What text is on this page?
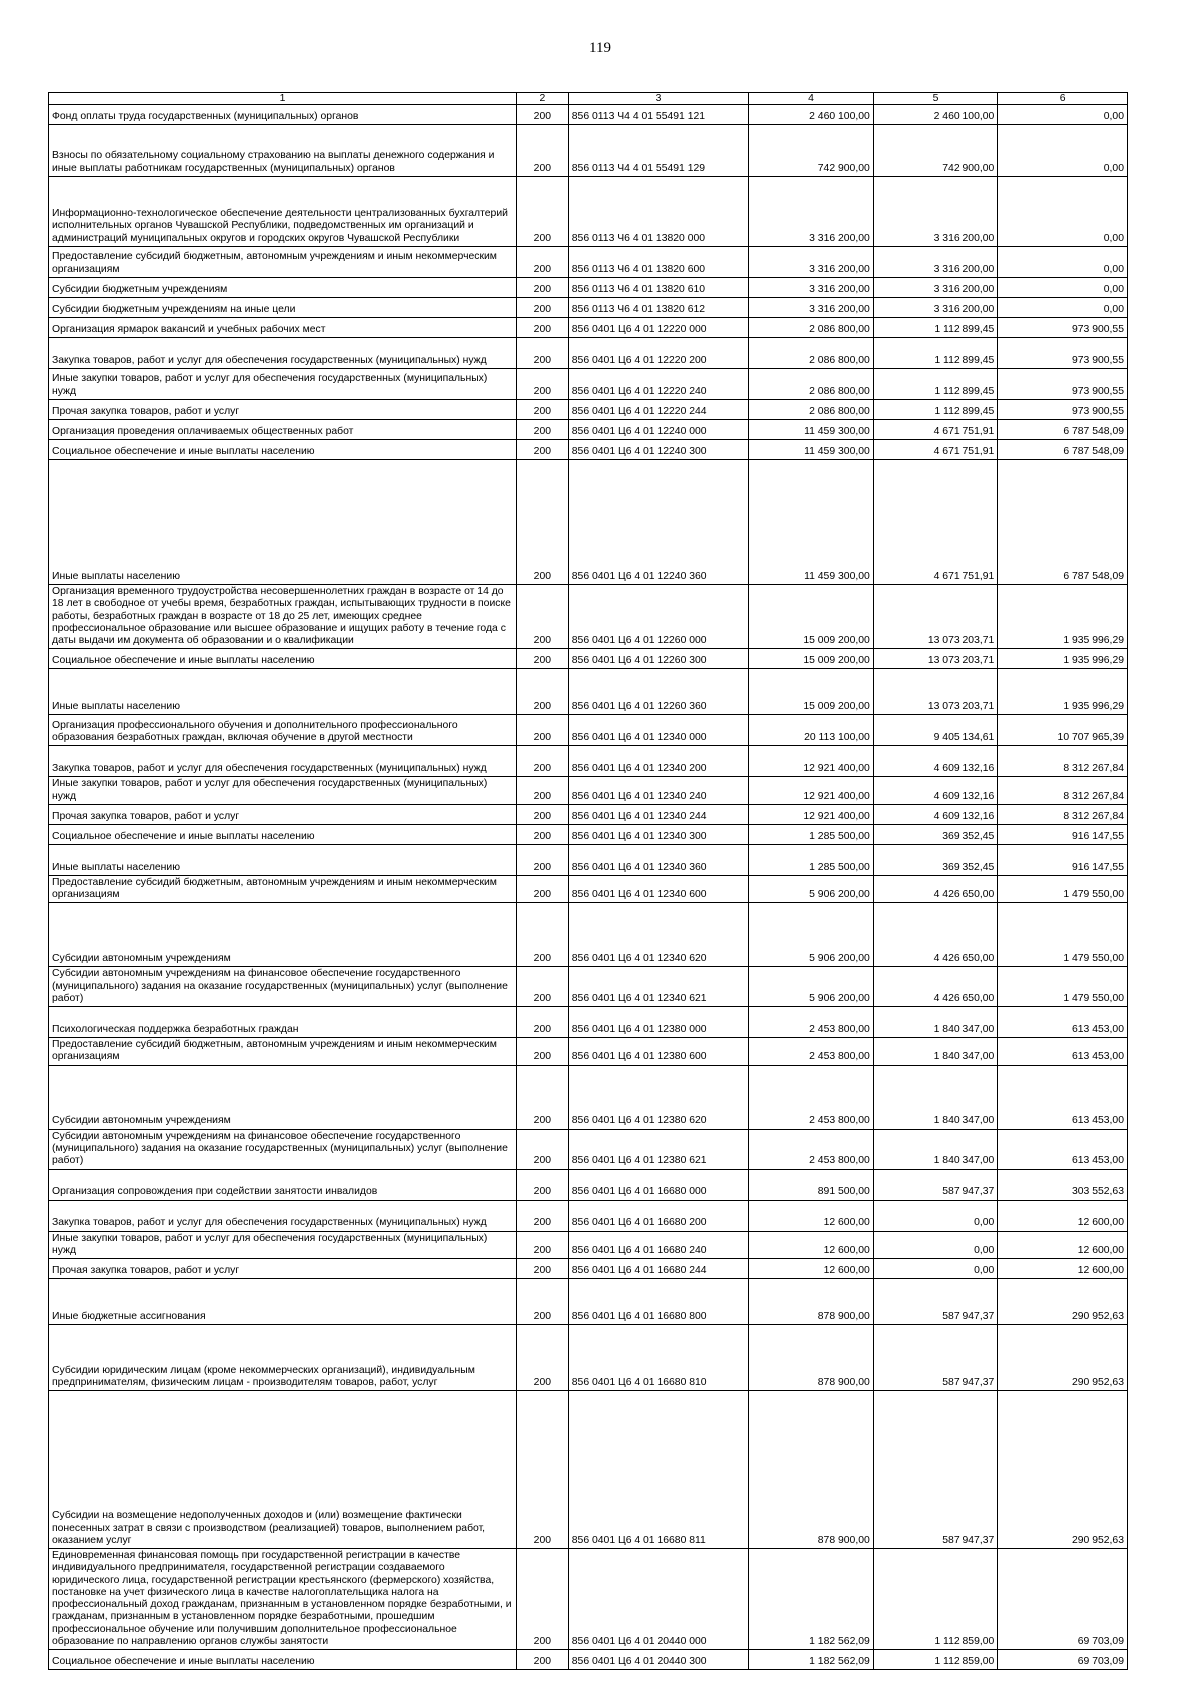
119
1	2	3	4	5	6
Фонд оплаты труда государственных (муниципальных) органов	200	856 0113 Ч4 4 01 55491 121	2 460 100,00	2 460 100,00	0,00
Взносы по обязательному социальному страхованию на выплаты денежного содержания и иные выплаты работникам государственных (муниципальных) органов	200	856 0113 Ч4 4 01 55491 129	742 900,00	742 900,00	0,00
Информационно-технологическое обеспечение деятельности централизованных бухгалтерий исполнительных органов Чувашской Республики, подведомственных им организаций и администраций муниципальных округов и городских округов Чувашской Республики	200	856 0113 Ч6 4 01 13820 000	3 316 200,00	3 316 200,00	0,00
Предоставление субсидий бюджетным, автономным учреждениям и иным некоммерческим организациям	200	856 0113 Ч6 4 01 13820 600	3 316 200,00	3 316 200,00	0,00
Субсидии бюджетным учреждениям	200	856 0113 Ч6 4 01 13820 610	3 316 200,00	3 316 200,00	0,00
Субсидии бюджетным учреждениям на иные цели	200	856 0113 Ч6 4 01 13820 612	3 316 200,00	3 316 200,00	0,00
Организация ярмарок вакансий и учебных рабочих мест	200	856 0401 Ц6 4 01 12220 000	2 086 800,00	1 112 899,45	973 900,55
Закупка товаров, работ и услуг для обеспечения государственных (муниципальных) нужд	200	856 0401 Ц6 4 01 12220 200	2 086 800,00	1 112 899,45	973 900,55
Иные закупки товаров, работ и услуг для обеспечения государственных (муниципальных) нужд	200	856 0401 Ц6 4 01 12220 240	2 086 800,00	1 112 899,45	973 900,55
Прочая закупка товаров, работ и услуг	200	856 0401 Ц6 4 01 12220 244	2 086 800,00	1 112 899,45	973 900,55
Организация проведения оплачиваемых общественных работ	200	856 0401 Ц6 4 01 12240 000	11 459 300,00	4 671 751,91	6 787 548,09
Социальное обеспечение и иные выплаты населению	200	856 0401 Ц6 4 01 12240 300	11 459 300,00	4 671 751,91	6 787 548,09
Иные выплаты населению	200	856 0401 Ц6 4 01 12240 360	11 459 300,00	4 671 751,91	6 787 548,09
Организация временного трудоустройства несовершеннолетних граждан в возрасте от 14 до 18 лет в свободное от учебы время, безработных граждан, испытывающих трудности в поиске работы, безработных граждан в возрасте от 18 до 25 лет, имеющих среднее профессиональное образование или высшее образование и ищущих работу в течение года с даты выдачи им документа об образовании и о квалификации	200	856 0401 Ц6 4 01 12260 000	15 009 200,00	13 073 203,71	1 935 996,29
Социальное обеспечение и иные выплаты населению	200	856 0401 Ц6 4 01 12260 300	15 009 200,00	13 073 203,71	1 935 996,29
Иные выплаты населению	200	856 0401 Ц6 4 01 12260 360	15 009 200,00	13 073 203,71	1 935 996,29
Организация профессионального обучения и дополнительного профессионального образования безработных граждан, включая обучение в другой местности	200	856 0401 Ц6 4 01 12340 000	20 113 100,00	9 405 134,61	10 707 965,39
Закупка товаров, работ и услуг для обеспечения государственных (муниципальных) нужд	200	856 0401 Ц6 4 01 12340 200	12 921 400,00	4 609 132,16	8 312 267,84
Иные закупки товаров, работ и услуг для обеспечения государственных (муниципальных) нужд	200	856 0401 Ц6 4 01 12340 240	12 921 400,00	4 609 132,16	8 312 267,84
Прочая закупка товаров, работ и услуг	200	856 0401 Ц6 4 01 12340 244	12 921 400,00	4 609 132,16	8 312 267,84
Социальное обеспечение и иные выплаты населению	200	856 0401 Ц6 4 01 12340 300	1 285 500,00	369 352,45	916 147,55
Иные выплаты населению	200	856 0401 Ц6 4 01 12340 360	1 285 500,00	369 352,45	916 147,55
Предоставление субсидий бюджетным, автономным учреждениям и иным некоммерческим организациям	200	856 0401 Ц6 4 01 12340 600	5 906 200,00	4 426 650,00	1 479 550,00
Субсидии автономным учреждениям	200	856 0401 Ц6 4 01 12340 620	5 906 200,00	4 426 650,00	1 479 550,00
Субсидии автономным учреждениям на финансовое обеспечение государственного (муниципального) задания на оказание государственных (муниципальных) услуг (выполнение работ)	200	856 0401 Ц6 4 01 12340 621	5 906 200,00	4 426 650,00	1 479 550,00
Психологическая поддержка безработных граждан	200	856 0401 Ц6 4 01 12380 000	2 453 800,00	1 840 347,00	613 453,00
Предоставление субсидий бюджетным, автономным учреждениям и иным некоммерческим организациям	200	856 0401 Ц6 4 01 12380 600	2 453 800,00	1 840 347,00	613 453,00
Субсидии автономным учреждениям	200	856 0401 Ц6 4 01 12380 620	2 453 800,00	1 840 347,00	613 453,00
Субсидии автономным учреждениям на финансовое обеспечение государственного (муниципального) задания на оказание государственных (муниципальных) услуг (выполнение работ)	200	856 0401 Ц6 4 01 12380 621	2 453 800,00	1 840 347,00	613 453,00
Организация сопровождения при содействии занятости инвалидов	200	856 0401 Ц6 4 01 16680 000	891 500,00	587 947,37	303 552,63
Закупка товаров, работ и услуг для обеспечения государственных (муниципальных) нужд	200	856 0401 Ц6 4 01 16680 200	12 600,00	0,00	12 600,00
Иные закупки товаров, работ и услуг для обеспечения государственных (муниципальных) нужд	200	856 0401 Ц6 4 01 16680 240	12 600,00	0,00	12 600,00
Прочая закупка товаров, работ и услуг	200	856 0401 Ц6 4 01 16680 244	12 600,00	0,00	12 600,00
Иные бюджетные ассигнования	200	856 0401 Ц6 4 01 16680 800	878 900,00	587 947,37	290 952,63
Субсидии юридическим лицам (кроме некоммерческих организаций), индивидуальным предпринимателям, физическим лицам - производителям товаров, работ, услуг	200	856 0401 Ц6 4 01 16680 810	878 900,00	587 947,37	290 952,63
Субсидии на возмещение недополученных доходов и (или) возмещение фактически понесенных затрат в связи с производством (реализацией) товаров, выполнением работ, оказанием услуг	200	856 0401 Ц6 4 01 16680 811	878 900,00	587 947,37	290 952,63
Единовременная финансовая помощь при государственной регистрации в качестве индивидуального предпринимателя, государственной регистрации создаваемого юридического лица, государственной регистрации крестьянского (фермерского) хозяйства, постановке на учет физического лица в качестве налогоплательщика налога на профессиональный доход гражданам, признанным в установленном порядке безработными, и гражданам, признанным в установленном порядке безработными, прошедшим профессиональное обучение или получившим дополнительное профессиональное образование по направлению органов службы занятости	200	856 0401 Ц6 4 01 20440 000	1 182 562,09	1 112 859,00	69 703,09
Социальное обеспечение и иные выплаты населению	200	856 0401 Ц6 4 01 20440 300	1 182 562,09	1 112 859,00	69 703,09
